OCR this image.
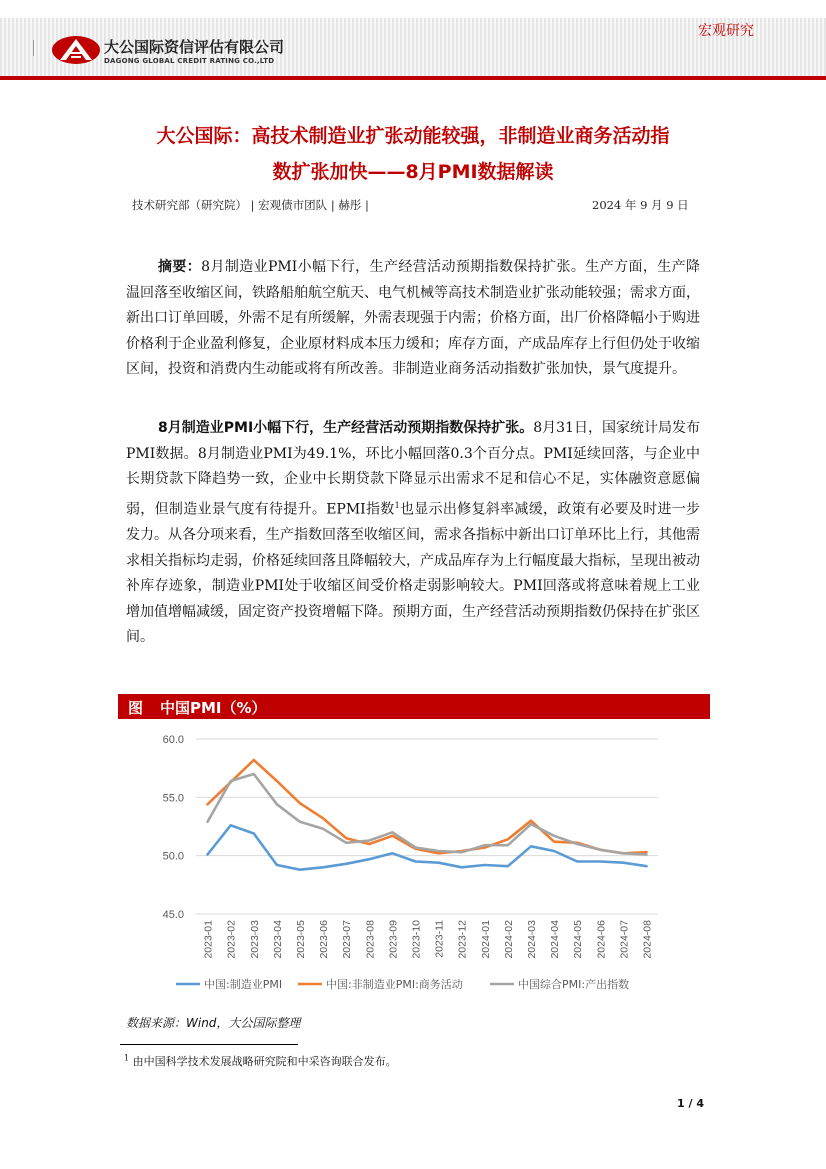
大公国际资信评估有限公司
DAGONG GLOBAL CREDIT RATING CO.,LTD
宏观研究
大公国际：高技术制造业扩张动能较强，非制造业商务活动指
数扩张加快——8月PMI数据解读
技术研究部（研究院） | 宏观债市团队 | 赫彤 |	2024 年 9 月 9 日
摘要：8月制造业PMI小幅下行，生产经营活动预期指数保持扩张。生产方面，生产降温回落至收缩区间，铁路船舶航空航天、电气机械等高技术制造业扩张动能较强；需求方面，新出口订单回暖，外需不足有所缓解，外需表现强于内需；价格方面，出厂价格降幅小于购进价格利于企业盈利修复，企业原材料成本压力缓和；库存方面，产成品库存上行但仍处于收缩区间，投资和消费内生动能或将有所改善。非制造业商务活动指数扩张加快，景气度提升。
8月制造业PMI小幅下行，生产经营活动预期指数保持扩张。8月31日，国家统计局发布PMI数据。8月制造业PMI为49.1%，环比小幅回落0.3个百分点。PMI延续回落，与企业中长期贷款下降趋势一致，企业中长期贷款下降显示出需求不足和信心不足，实体融资意愿偏弱，但制造业景气度有待提升。EPMI指数$^1$也显示出修复斜率减缓，政策有必要及时进一步发力。从各分项来看，生产指数回落至收缩区间，需求各指标中新出口订单环比上行，其他需求相关指标均走弱，价格延续回落且降幅较大，产成品库存为上行幅度最大指标，呈现出被动补库存迹象，制造业PMI处于收缩区间受价格走弱影响较大。PMI回落或将意味着规上工业增加值增幅减缓，固定资产投资增幅下降。预期方面，生产经营活动预期指数仍保持在扩张区间。
图 中国PMI（%）
45.0
50.0
55.0
60.0
2023-01 2023-02 2023-03 2023-04 2023-05 2023-06 2023-07 2023-08 2023-09 2023-10 2023-11 2023-12 2024-01 2024-02 2024-03 2024-04 2024-05 2024-06 2024-07 2024-08
中国:制造业PMI	中国:非制造业PMI:商务活动	中国综合PMI:产出指数
数据来源：Wind，大公国际整理
$^1$ 由中国科学技术发展战略研究院和中采咨询联合发布。
1 / 4
